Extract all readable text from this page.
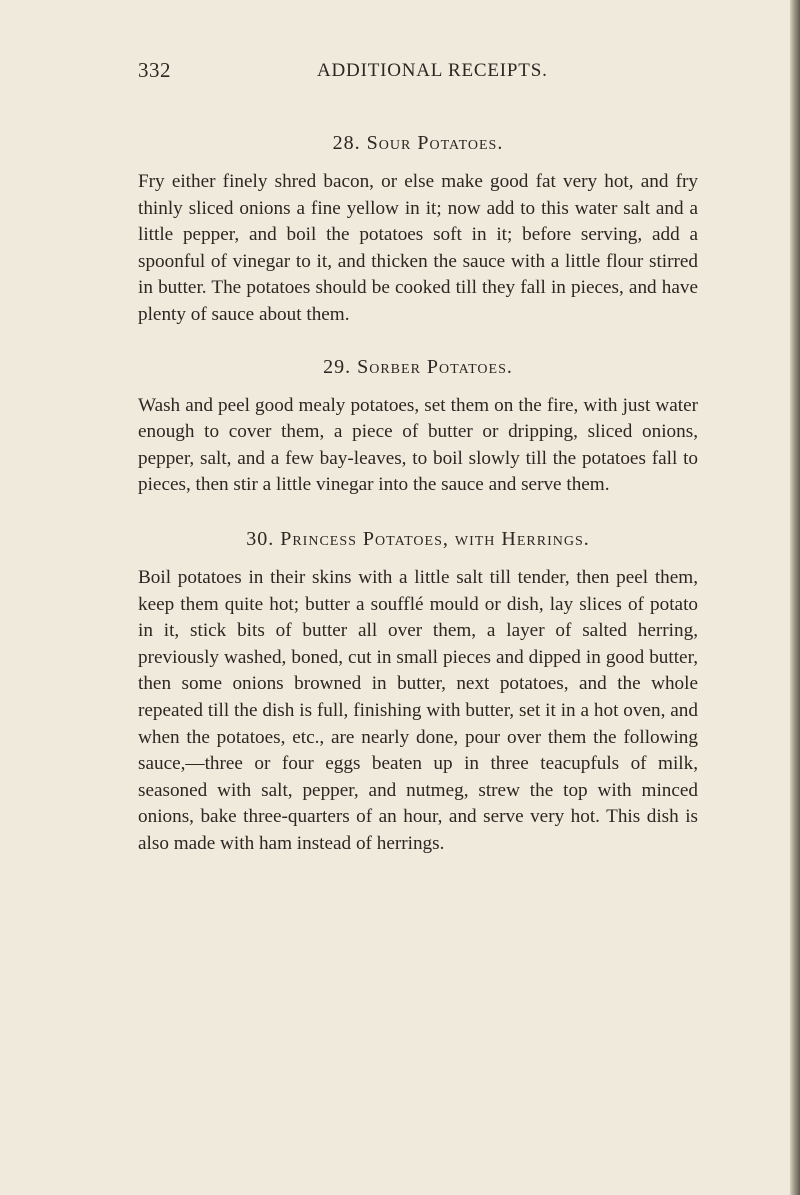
332	ADDITIONAL RECEIPTS.
28. Sour Potatoes.

Fry either finely shred bacon, or else make good fat very hot, and fry thinly sliced onions a fine yellow in it; now add to this water salt and a little pepper, and boil the potatoes soft in it; before serving, add a spoonful of vinegar to it, and thicken the sauce with a little flour stirred in butter. The potatoes should be cooked till they fall in pieces, and have plenty of sauce about them.

29. Sorber Potatoes.

Wash and peel good mealy potatoes, set them on the fire, with just water enough to cover them, a piece of butter or dripping, sliced onions, pepper, salt, and a few bay-leaves, to boil slowly till the potatoes fall to pieces, then stir a little vinegar into the sauce and serve them.

30. Princess Potatoes, with Herrings.

Boil potatoes in their skins with a little salt till tender, then peel them, keep them quite hot; butter a soufflé mould or dish, lay slices of potato in it, stick bits of butter all over them, a layer of salted herring, previously washed, boned, cut in small pieces and dipped in good butter, then some onions browned in butter, next potatoes, and the whole repeated till the dish is full, finishing with butter, set it in a hot oven, and when the potatoes, etc., are nearly done, pour over them the following sauce,—three or four eggs beaten up in three teacupfuls of milk, seasoned with salt, pepper, and nutmeg, strew the top with minced onions, bake three-quarters of an hour, and serve very hot. This dish is also made with ham instead of herrings.
